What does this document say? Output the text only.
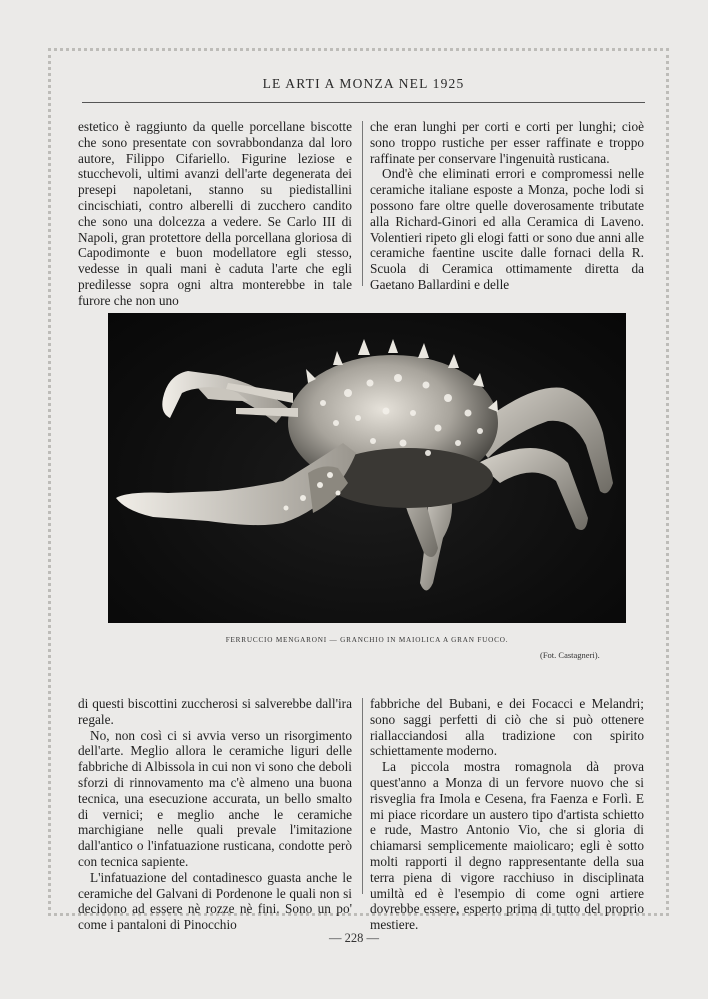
LE ARTI A MONZA NEL 1925

estetico è raggiunto da quelle porcellane biscotte che sono presentate con sovrabbondanza dal loro autore, Filippo Cifariello. Figurine leziose e stucchevoli, ultimi avanzi dell'arte degenerata dei presepi napoletani, stanno su piedistallini cincischiati, contro alberelli di zucchero candito che sono una dolcezza a vedere. Se Carlo III di Napoli, gran protettore della porcellana gloriosa di Capodimonte e buon modellatore egli stesso, vedesse in quali mani è caduta l'arte che egli predilesse sopra ogni altra monterebbe in tale furore che non uno

che eran lunghi per corti e corti per lunghi; cioè sono troppo rustiche per esser raffinate e troppo raffinate per conservare l'ingenuità rusticana.

Ond'è che eliminati errori e compromessi nelle ceramiche italiane esposte a Monza, poche lodi si possono fare oltre quelle doverosamente tributate alla Richard-Ginori ed alla Ceramica di Laveno. Volentieri ripeto gli elogi fatti or sono due anni alle ceramiche faentine uscite dalle fornaci della R. Scuola di Ceramica ottimamente diretta da Gaetano Ballardini e delle

FERRUCCIO MENGARONI — GRANCHIO IN MAIOLICA A GRAN FUOCO.
(Fot. Castagneri).

di questi biscottini zuccherosi si salverebbe dall'ira regale.

No, non così ci si avvia verso un risorgimento dell'arte. Meglio allora le ceramiche liguri delle fabbriche di Albissola in cui non vi sono che deboli sforzi di rinnovamento ma c'è almeno una buona tecnica, una esecuzione accurata, un bello smalto di vernici; e meglio anche le ceramiche marchigiane nelle quali prevale l'imitazione dall'antico o l'infatuazione rusticana, condotte però con tecnica sapiente.

L'infatuazione del contadinesco guasta anche le ceramiche del Galvani di Pordenone le quali non si decidono ad essere nè rozze nè fini. Sono un po' come i pantaloni di Pinocchio

fabbriche del Bubani, e dei Focacci e Melandri; sono saggi perfetti di ciò che si può ottenere riallacciandosi alla tradizione con spirito schiettamente moderno.

La piccola mostra romagnola dà prova quest'anno a Monza di un fervore nuovo che si risveglia fra Imola e Cesena, fra Faenza e Forlì. E mi piace ricordare un austero tipo d'artista schietto e rude, Mastro Antonio Vio, che si gloria di chiamarsi semplicemente maiolicaro; egli è sotto molti rapporti il degno rappresentante della sua terra piena di vigore racchiuso in disciplinata umiltà ed è l'esempio di come ogni artiere dovrebbe essere, esperto prima di tutto del proprio mestiere.

— 228 —
